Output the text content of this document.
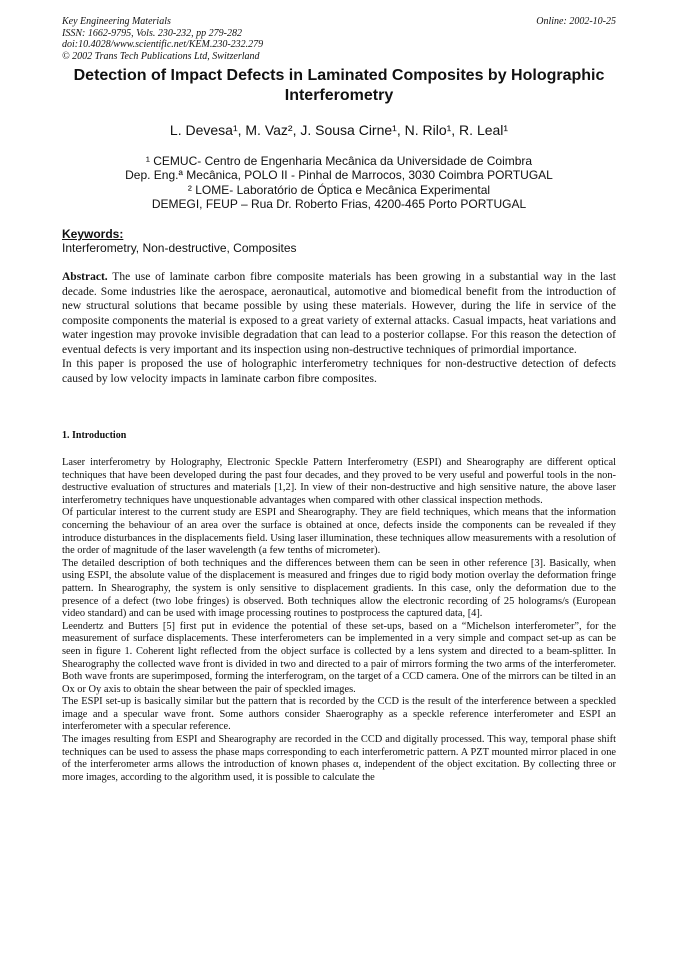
Key Engineering Materials
ISSN: 1662-9795, Vols. 230-232, pp 279-282
doi:10.4028/www.scientific.net/KEM.230-232.279
© 2002 Trans Tech Publications Ltd, Switzerland
Online: 2002-10-25
Detection of Impact Defects in Laminated Composites by Holographic Interferometry
L. Devesa¹, M. Vaz², J. Sousa Cirne¹, N. Rilo¹, R. Leal¹
¹ CEMUC- Centro de Engenharia Mecânica da Universidade de Coimbra
Dep. Eng.ª Mecânica, POLO II - Pinhal de Marrocos, 3030 Coimbra PORTUGAL
² LOME- Laboratório de Óptica e Mecânica Experimental
DEMEGI, FEUP – Rua Dr. Roberto Frias, 4200-465 Porto PORTUGAL
Keywords:
Interferometry, Non-destructive, Composites

Abstract. The use of laminate carbon fibre composite materials has been growing in a substantial way in the last decade. Some industries like the aerospace, aeronautical, automotive and biomedical benefit from the introduction of new structural solutions that became possible by using these materials. However, during the life in service of the composite components the material is exposed to a great variety of external attacks. Casual impacts, heat variations and water ingestion may provoke invisible degradation that can lead to a posterior collapse. For this reason the detection of eventual defects is very important and its inspection using non-destructive techniques of primordial importance.

In this paper is proposed the use of holographic interferometry techniques for non-destructive detection of defects caused by low velocity impacts in laminate carbon fibre composites.

1. Introduction

Laser interferometry by Holography, Electronic Speckle Pattern Interferometry (ESPI) and Shearography are different optical techniques that have been developed during the past four decades, and they proved to be very useful and powerful tools in the non-destructive evaluation of structures and materials [1,2]. In view of their non-destructive and high sensitive nature, the above laser interferometry techniques have unquestionable advantages when compared with other classical inspection methods.

Of particular interest to the current study are ESPI and Shearography. They are field techniques, which means that the information concerning the behaviour of an area over the surface is obtained at once, defects inside the components can be revealed if they introduce disturbances in the displacements field. Using laser illumination, these techniques allow measurements with a resolution of the order of magnitude of the laser wavelength (a few tenths of micrometer).

The detailed description of both techniques and the differences between them can be seen in other reference [3]. Basically, when using ESPI, the absolute value of the displacement is measured and fringes due to rigid body motion overlay the deformation fringe pattern. In Shearography, the system is only sensitive to displacement gradients. In this case, only the deformation due to the presence of a defect (two lobe fringes) is observed. Both techniques allow the electronic recording of 25 holograms/s (European video standard) and can be used with image processing routines to postprocess the captured data, [4].

Leendertz and Butters [5] first put in evidence the potential of these set-ups, based on a “Michelson interferometer”, for the measurement of surface displacements. These interferometers can be implemented in a very simple and compact set-up as can be seen in figure 1. Coherent light reflected from the object surface is collected by a lens system and directed to a beam-splitter. In Shearography the collected wave front is divided in two and directed to a pair of mirrors forming the two arms of the interferometer. Both wave fronts are superimposed, forming the interferogram, on the target of a CCD camera. One of the mirrors can be tilted in an Ox or Oy axis to obtain the shear between the pair of speckled images.

The ESPI set-up is basically similar but the pattern that is recorded by the CCD is the result of the interference between a speckled image and a specular wave front. Some authors consider Shaerography as a speckle reference interferometer and ESPI an interferometer with a specular reference.

The images resulting from ESPI and Shearography are recorded in the CCD and digitally processed. This way, temporal phase shift techniques can be used to assess the phase maps corresponding to each interferometric pattern. A PZT mounted mirror placed in one of the interferometer arms allows the introduction of known phases α, independent of the object excitation. By collecting three or more images, according to the algorithm used, it is possible to calculate the
